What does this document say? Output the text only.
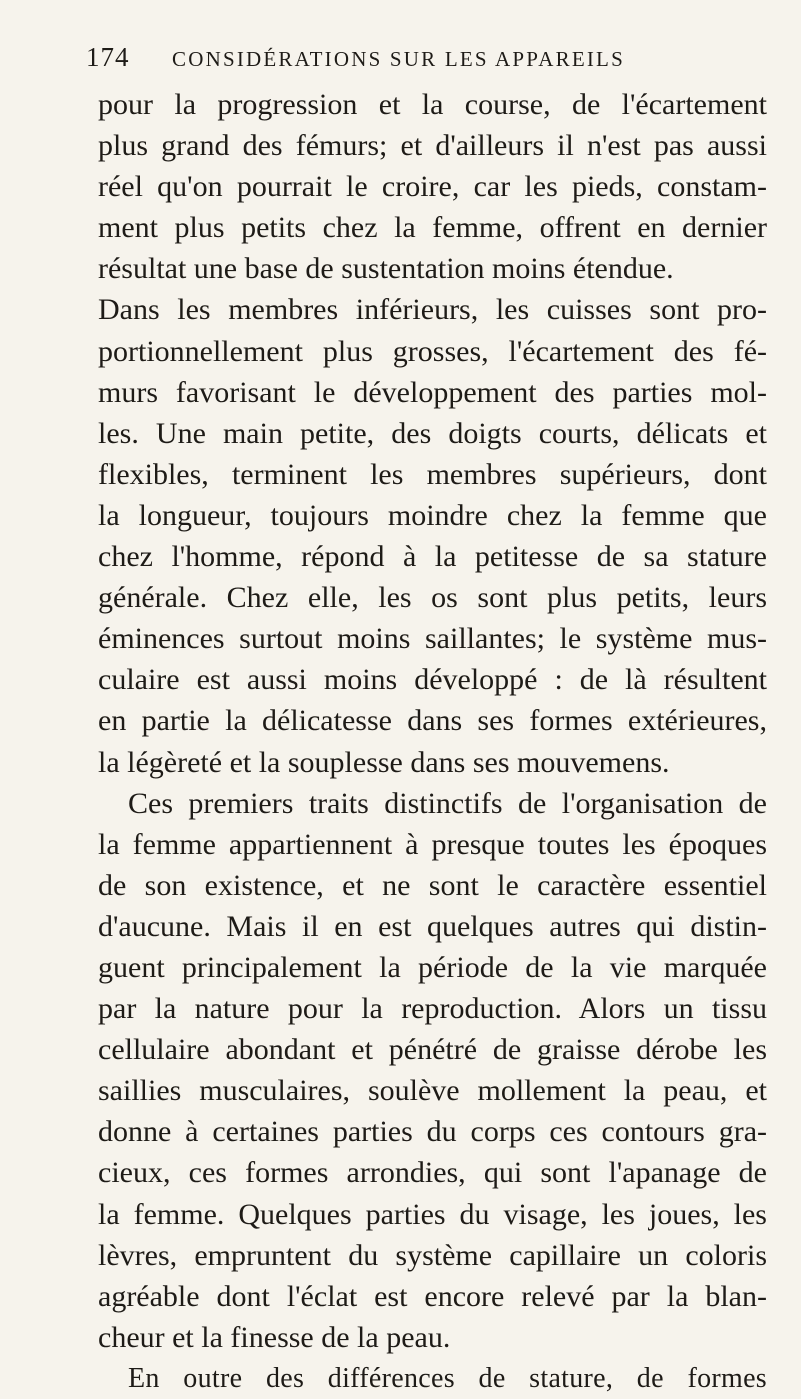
174	CONSIDÉRATIONS SUR LES APPAREILS
pour la progression et la course, de l'écartement
plus grand des fémurs; et d'ailleurs il n'est pas aussi
réel qu'on pourrait le croire, car les pieds, constam-
ment plus petits chez la femme, offrent en dernier
résultat une base de sustentation moins étendue.
Dans les membres inférieurs, les cuisses sont pro-
portionnellement plus grosses, l'écartement des fé-
murs favorisant le développement des parties mol-
les. Une main petite, des doigts courts, délicats et
flexibles, terminent les membres supérieurs, dont
la longueur, toujours moindre chez la femme que
chez l'homme, répond à la petitesse de sa stature
générale. Chez elle, les os sont plus petits, leurs
éminences surtout moins saillantes; le système mus-
culaire est aussi moins développé : de là résultent
en partie la délicatesse dans ses formes extérieures,
la légèreté et la souplesse dans ses mouvemens.
Ces premiers traits distinctifs de l'organisation de
la femme appartiennent à presque toutes les époques
de son existence, et ne sont le caractère essentiel
d'aucune. Mais il en est quelques autres qui distin-
guent principalement la période de la vie marquée
par la nature pour la reproduction. Alors un tissu
cellulaire abondant et pénétré de graisse dérobe les
saillies musculaires, soulève mollement la peau, et
donne à certaines parties du corps ces contours gra-
cieux, ces formes arrondies, qui sont l'apanage de
la femme. Quelques parties du visage, les joues, les
lèvres, empruntent du système capillaire un coloris
agréable dont l'éclat est encore relevé par la blan-
cheur et la finesse de la peau.
En outre des différences de stature, de formes
